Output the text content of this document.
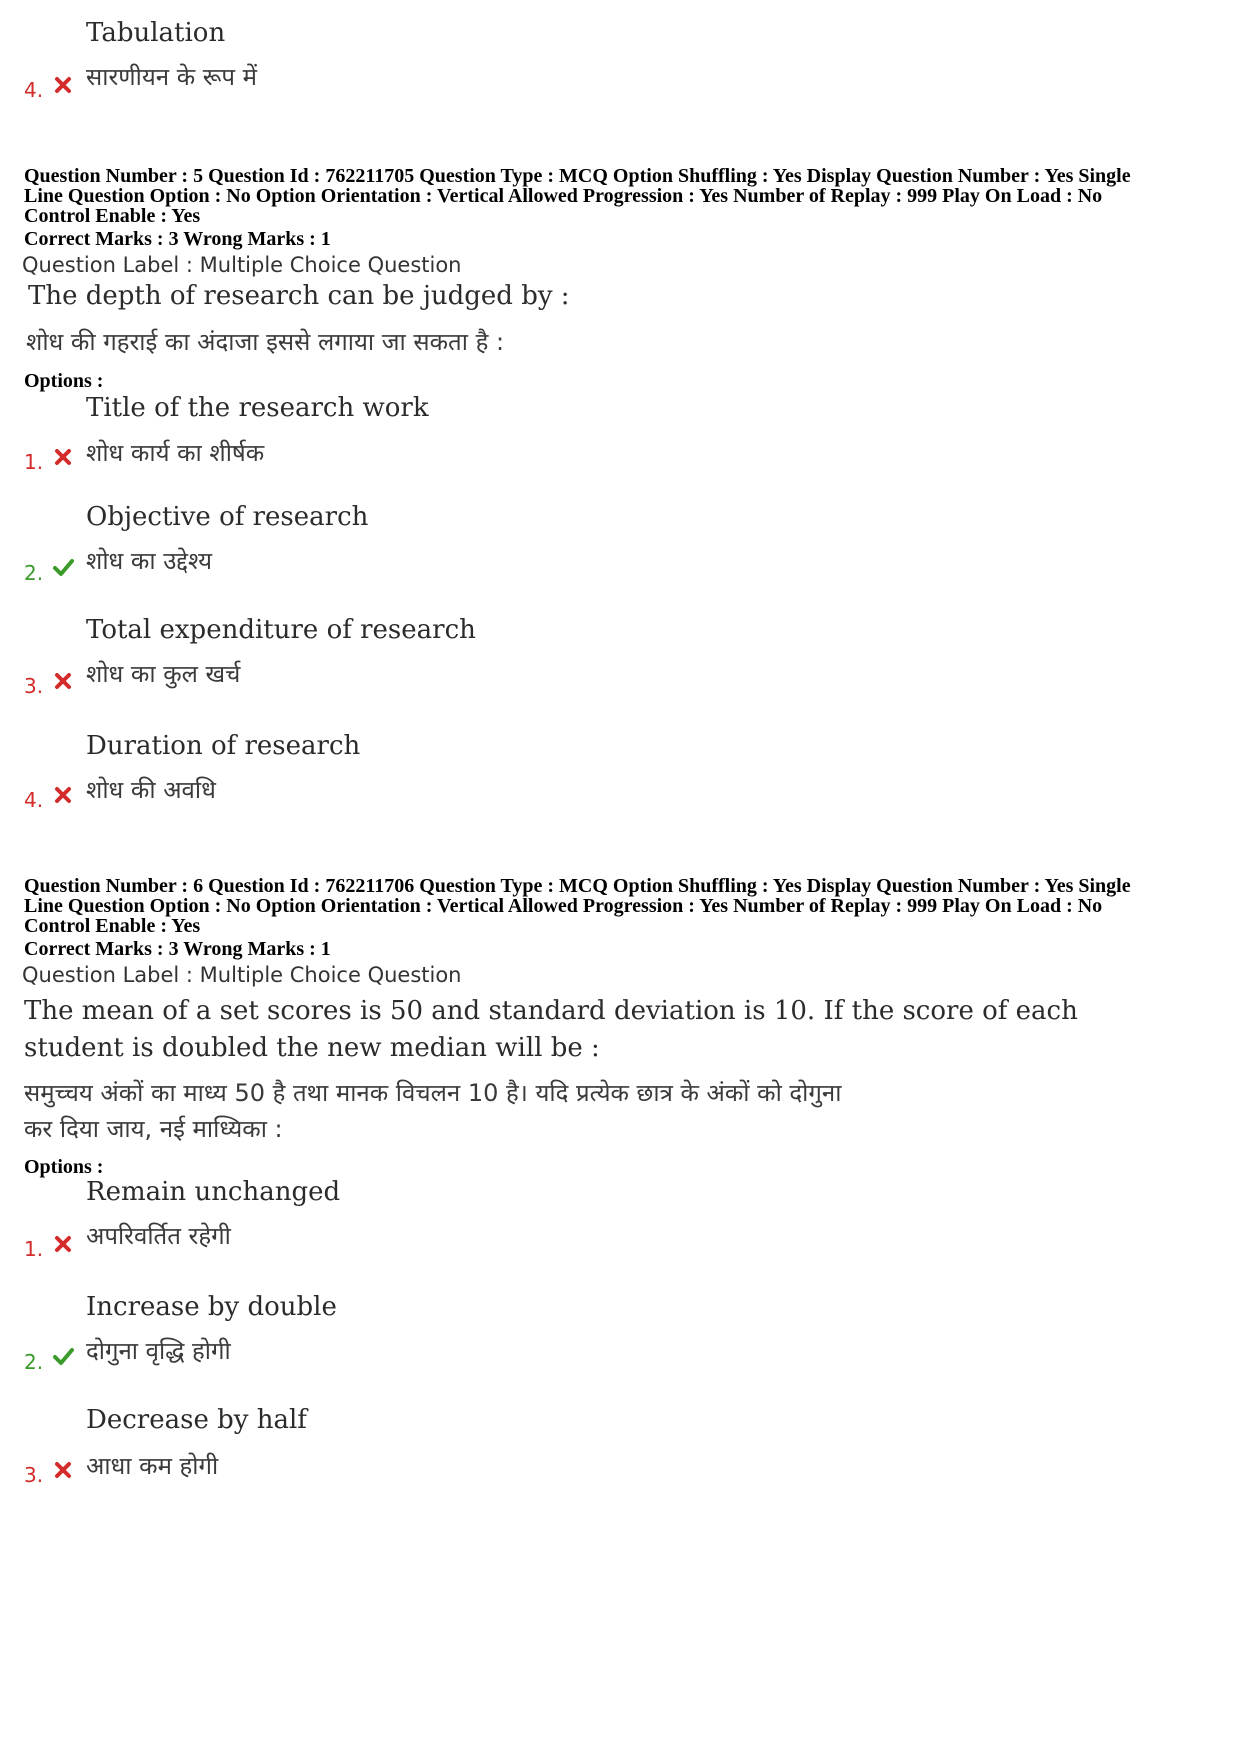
Tabulation
4. सारणीयन के रूप में
Question Number : 5 Question Id : 762211705 Question Type : MCQ Option Shuffling : Yes Display Question Number : Yes Single
Line Question Option : No Option Orientation : Vertical Allowed Progression : Yes Number of Replay : 999 Play On Load : No
Control Enable : Yes
Correct Marks : 3 Wrong Marks : 1
Question Label : Multiple Choice Question
The depth of research can be judged by :
शोध की गहराई का अंदाजा इससे लगाया जा सकता है :
Options :
Title of the research work
1. शोध कार्य का शीर्षक
Objective of research
2. शोध का उद्देश्य
Total expenditure of research
3. शोध का कुल खर्च
Duration of research
4. शोध की अवधि
Question Number : 6 Question Id : 762211706 Question Type : MCQ Option Shuffling : Yes Display Question Number : Yes Single
Line Question Option : No Option Orientation : Vertical Allowed Progression : Yes Number of Replay : 999 Play On Load : No
Control Enable : Yes
Correct Marks : 3 Wrong Marks : 1
Question Label : Multiple Choice Question
The mean of a set scores is 50 and standard deviation is 10. If the score of each
student is doubled the new median will be :
समुच्चय अंकों का माध्य 50 है तथा मानक विचलन 10 है। यदि प्रत्येक छात्र के अंकों को दोगुना
कर दिया जाय, नई माध्यिका :
Options :
Remain unchanged
1. अपरिवर्तित रहेगी
Increase by double
2. दोगुना वृद्धि होगी
Decrease by half
3. आधा कम होगी
